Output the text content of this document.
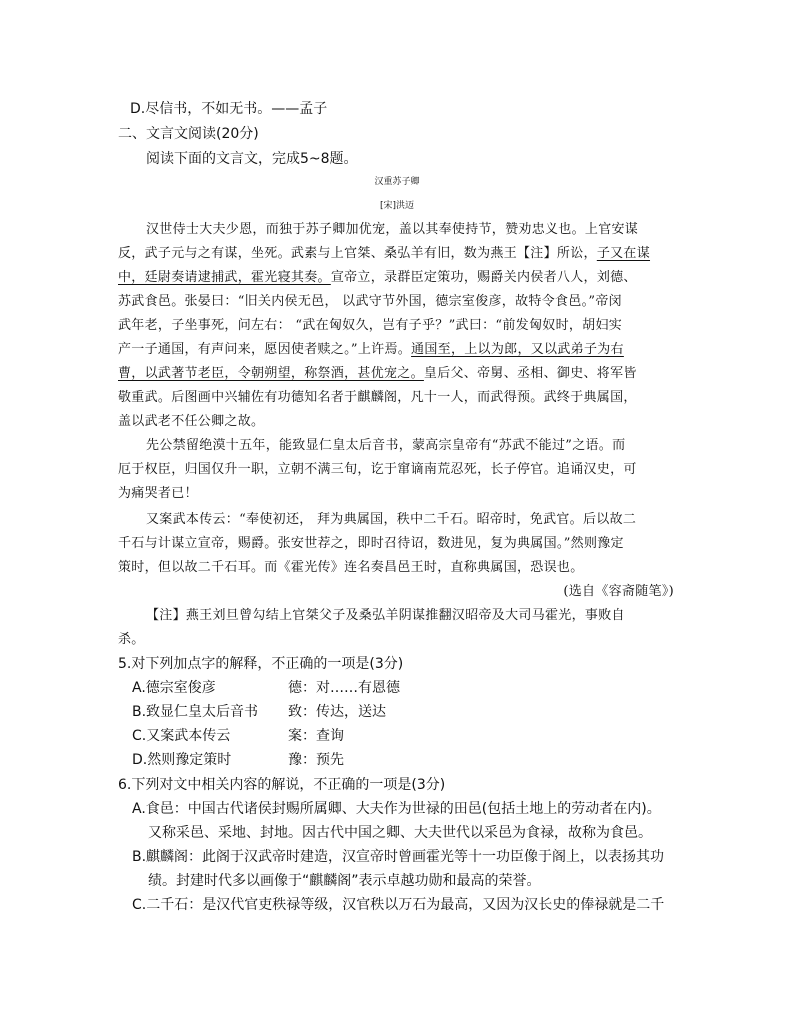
D.尽信书，不如无书。——孟子
二、文言文阅读(20分)
阅读下面的文言文，完成5~8题。
汉重苏子卿
[宋]洪迈
汉世侍士大夫少恩，而独于苏子卿加优宠，盖以其奉使持节，赞劝忠义也。上官安谋
反，武子元与之有谋，坐死。武素与上官桀、桑弘羊有旧，数为燕王【注】所讼，子又在谋
中，廷尉奏请逮捕武，霍光寝其奏。宣帝立，录群臣定策功，赐爵关内侯者八人，刘德、
苏武食邑。张晏曰：“旧关内侯无邑， 以武守节外国，德宗室俊彦，故特令食邑。”帝闵
武年老，子坐事死，问左右： “武在匈奴久，岂有子乎？”武曰：“前发匈奴时，胡妇实
产一子通国，有声问来，愿因使者赎之。”上许焉。通国至，上以为郎，又以武弟子为右
曹，以武著节老臣，令朝朔望，称祭酒，甚优宠之。皇后父、帝舅、丞相、御史、将军皆
敬重武。后图画中兴辅佐有功德知名者于麒麟阁，凡十一人，而武得预。武终于典属国，
盖以武老不任公卿之故。
先公禁留绝漠十五年，能致显仁皇太后音书，蒙高宗皇帝有“苏武不能过”之语。而
厄于权臣，归国仅升一职，立朝不满三旬，讫于窜谪南荒忍死，长子停官。追诵汉史，可
为痛哭者已！
又案武本传云：“奉使初还， 拜为典属国，秩中二千石。昭帝时，免武官。后以故二
千石与计谋立宣帝，赐爵。张安世荐之，即时召待诏，数进见，复为典属国。”然则豫定
策时，但以故二千石耳。而《霍光传》连名奏昌邑王时，直称典属国，恐误也。
(选自《容斋随笔》)
【注】燕王刘旦曾勾结上官桀父子及桑弘羊阴谋推翻汉昭帝及大司马霍光，事败自
杀。
5.对下列加点字的解释，不正确的一项是(3分)
A.德宗室俊彦	德：对……有恩德
B.致显仁皇太后音书 致：传达，送达
C.又案武本传云	案：查询
D.然则豫定策时	豫：预先
6.下列对文中相关内容的解说，不正确的一项是(3分)
A.食邑：中国古代诸侯封赐所属卿、大夫作为世禄的田邑(包括土地上的劳动者在内)。
又称采邑、采地、封地。因古代中国之卿、大夫世代以采邑为食禄，故称为食邑。
B.麒麟阁：此阁于汉武帝时建造，汉宣帝时曾画霍光等十一功臣像于阁上，以表扬其功
绩。封建时代多以画像于“麒麟阁”表示卓越功勋和最高的荣誉。
C.二千石：是汉代官吏秩禄等级，汉官秩以万石为最高，又因为汉长史的俸禄就是二千
